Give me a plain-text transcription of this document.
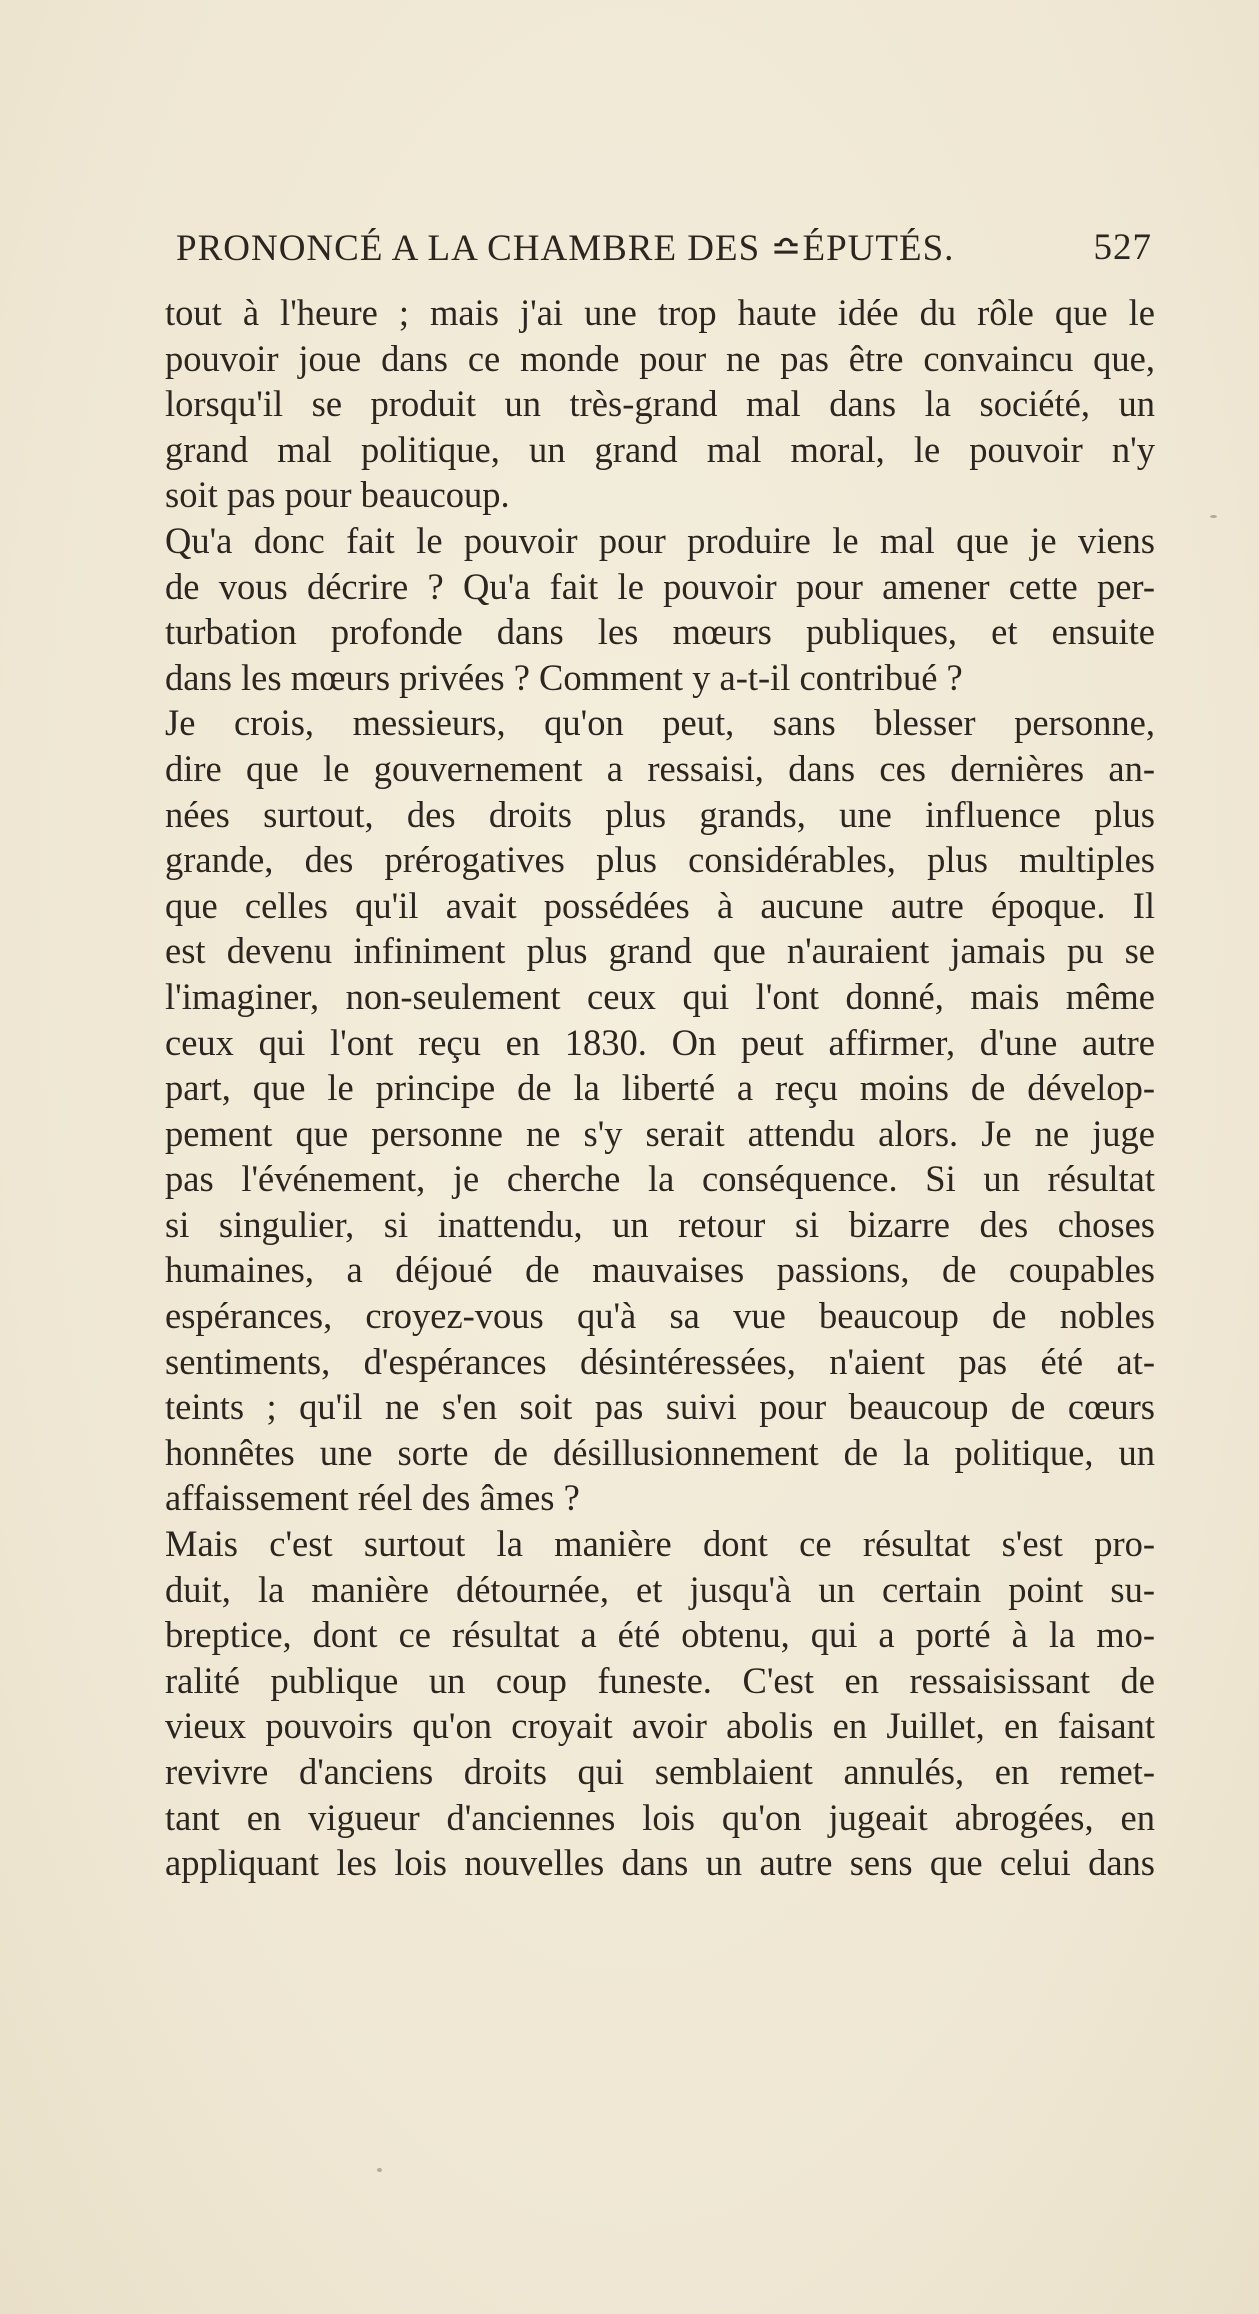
PRONONCÉ A LA CHAMBRE DES ≏ÉPUTÉS.	527
tout à l'heure ; mais j'ai une trop haute idée du rôle que le
pouvoir joue dans ce monde pour ne pas être convaincu que,
lorsqu'il se produit un très-grand mal dans la société, un
grand mal politique, un grand mal moral, le pouvoir n'y
soit pas pour beaucoup.
Qu'a donc fait le pouvoir pour produire le mal que je viens
de vous décrire ? Qu'a fait le pouvoir pour amener cette per-
turbation profonde dans les mœurs publiques, et ensuite
dans les mœurs privées ? Comment y a-t-il contribué ?
Je crois, messieurs, qu'on peut, sans blesser personne,
dire que le gouvernement a ressaisi, dans ces dernières an-
nées surtout, des droits plus grands, une influence plus
grande, des prérogatives plus considérables, plus multiples
que celles qu'il avait possédées à aucune autre époque. Il
est devenu infiniment plus grand que n'auraient jamais pu se
l'imaginer, non-seulement ceux qui l'ont donné, mais même
ceux qui l'ont reçu en 1830. On peut affirmer, d'une autre
part, que le principe de la liberté a reçu moins de dévelop-
pement que personne ne s'y serait attendu alors. Je ne juge
pas l'événement, je cherche la conséquence. Si un résultat
si singulier, si inattendu, un retour si bizarre des choses
humaines, a déjoué de mauvaises passions, de coupables
espérances, croyez-vous qu'à sa vue beaucoup de nobles
sentiments, d'espérances désintéressées, n'aient pas été at-
teints ; qu'il ne s'en soit pas suivi pour beaucoup de cœurs
honnêtes une sorte de désillusionnement de la politique, un
affaissement réel des âmes ?
Mais c'est surtout la manière dont ce résultat s'est pro-
duit, la manière détournée, et jusqu'à un certain point su-
breptice, dont ce résultat a été obtenu, qui a porté à la mo-
ralité publique un coup funeste. C'est en ressaisissant de
vieux pouvoirs qu'on croyait avoir abolis en Juillet, en faisant
revivre d'anciens droits qui semblaient annulés, en remet-
tant en vigueur d'anciennes lois qu'on jugeait abrogées, en
appliquant les lois nouvelles dans un autre sens que celui dans
